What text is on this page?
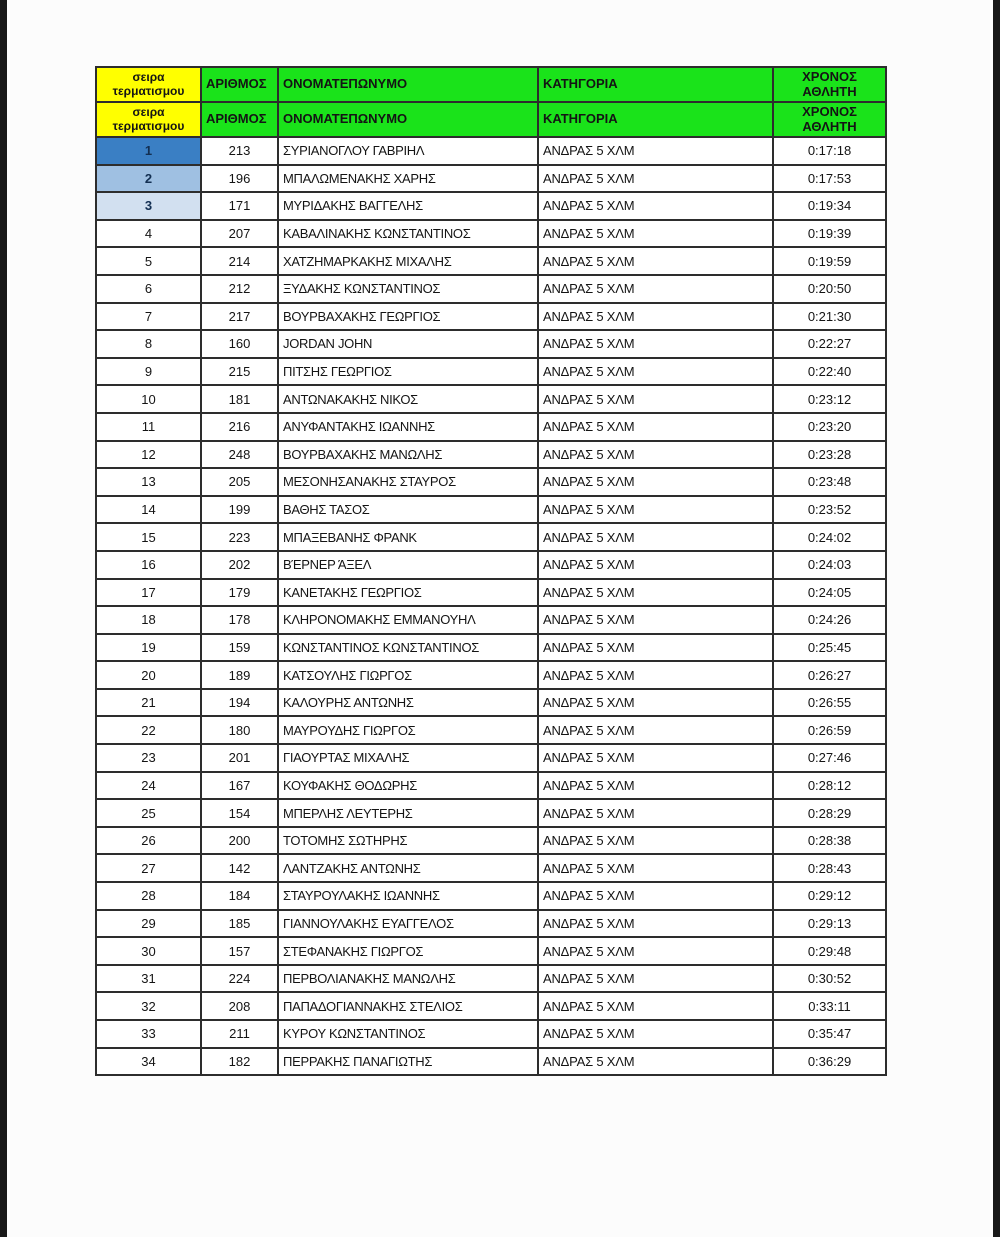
σειρα τερματισμου	ΑΡΙΘΜΟΣ	ΟΝΟΜΑΤΕΠΩΝΥΜΟ	ΚΑΤΗΓΟΡΙΑ	ΧΡΟΝΟΣ ΑΘΛΗΤΗ
σειρα τερματισμου	ΑΡΙΘΜΟΣ	ΟΝΟΜΑΤΕΠΩΝΥΜΟ	ΚΑΤΗΓΟΡΙΑ	ΧΡΟΝΟΣ ΑΘΛΗΤΗ
1	213	ΣΥΡΙΑΝΟΓΛΟΥ ΓΑΒΡΙΗΛ	ΑΝΔΡΑΣ 5 ΧΛΜ	0:17:18
2	196	ΜΠΑΛΩΜΕΝΑΚΗΣ ΧΑΡΗΣ	ΑΝΔΡΑΣ 5 ΧΛΜ	0:17:53
3	171	ΜΥΡΙΔΑΚΗΣ ΒΑΓΓΕΛΗΣ	ΑΝΔΡΑΣ 5 ΧΛΜ	0:19:34
4	207	ΚΑΒΑΛΙΝΑΚΗΣ ΚΩΝΣΤΑΝΤΙΝΟΣ	ΑΝΔΡΑΣ 5 ΧΛΜ	0:19:39
5	214	ΧΑΤΖΗΜΑΡΚΑΚΗΣ ΜΙΧΑΛΗΣ	ΑΝΔΡΑΣ 5 ΧΛΜ	0:19:59
6	212	ΞΥΔΑΚΗΣ ΚΩΝΣΤΑΝΤΙΝΟΣ	ΑΝΔΡΑΣ 5 ΧΛΜ	0:20:50
7	217	ΒΟΥΡΒΑΧΑΚΗΣ ΓΕΩΡΓΙΟΣ	ΑΝΔΡΑΣ 5 ΧΛΜ	0:21:30
8	160	JORDAN JOHN	ΑΝΔΡΑΣ 5 ΧΛΜ	0:22:27
9	215	ΠΙΤΣΗΣ ΓΕΩΡΓΙΟΣ	ΑΝΔΡΑΣ 5 ΧΛΜ	0:22:40
10	181	ΑΝΤΩΝΑΚΑΚΗΣ ΝΙΚΟΣ	ΑΝΔΡΑΣ 5 ΧΛΜ	0:23:12
11	216	ΑΝΥΦΑΝΤΑΚΗΣ ΙΩΑΝΝΗΣ	ΑΝΔΡΑΣ 5 ΧΛΜ	0:23:20
12	248	ΒΟΥΡΒΑΧΑΚΗΣ ΜΑΝΩΛΗΣ	ΑΝΔΡΑΣ 5 ΧΛΜ	0:23:28
13	205	ΜΕΣΟΝΗΣΑΝΑΚΗΣ ΣΤΑΥΡΟΣ	ΑΝΔΡΑΣ 5 ΧΛΜ	0:23:48
14	199	ΒΑΘΗΣ ΤΑΣΟΣ	ΑΝΔΡΑΣ 5 ΧΛΜ	0:23:52
15	223	ΜΠΑΞΕΒΑΝΗΣ ΦΡΑΝΚ	ΑΝΔΡΑΣ 5 ΧΛΜ	0:24:02
16	202	ΒΈΡΝΕΡ ΆΞΕΛ	ΑΝΔΡΑΣ 5 ΧΛΜ	0:24:03
17	179	ΚΑΝΕΤΑΚΗΣ ΓΕΩΡΓΙΟΣ	ΑΝΔΡΑΣ 5 ΧΛΜ	0:24:05
18	178	ΚΛΗΡΟΝΟΜΑΚΗΣ ΕΜΜΑΝΟΥΗΛ	ΑΝΔΡΑΣ 5 ΧΛΜ	0:24:26
19	159	ΚΩΝΣΤΑΝΤΙΝΟΣ ΚΩΝΣΤΑΝΤΙΝΟΣ	ΑΝΔΡΑΣ 5 ΧΛΜ	0:25:45
20	189	ΚΑΤΣΟΥΛΗΣ ΓΙΩΡΓΟΣ	ΑΝΔΡΑΣ 5 ΧΛΜ	0:26:27
21	194	ΚΑΛΟΥΡΗΣ ΑΝΤΩΝΗΣ	ΑΝΔΡΑΣ 5 ΧΛΜ	0:26:55
22	180	ΜΑΥΡΟΥΔΗΣ ΓΙΩΡΓΟΣ	ΑΝΔΡΑΣ 5 ΧΛΜ	0:26:59
23	201	ΓΙΑΟΥΡΤΑΣ ΜΙΧΑΛΗΣ	ΑΝΔΡΑΣ 5 ΧΛΜ	0:27:46
24	167	ΚΟΥΦΑΚΗΣ ΘΟΔΩΡΗΣ	ΑΝΔΡΑΣ 5 ΧΛΜ	0:28:12
25	154	ΜΠΕΡΛΗΣ ΛΕΥΤΕΡΗΣ	ΑΝΔΡΑΣ 5 ΧΛΜ	0:28:29
26	200	ΤΟΤΟΜΗΣ ΣΩΤΗΡΗΣ	ΑΝΔΡΑΣ 5 ΧΛΜ	0:28:38
27	142	ΛΑΝΤΖΑΚΗΣ ΑΝΤΩΝΗΣ	ΑΝΔΡΑΣ 5 ΧΛΜ	0:28:43
28	184	ΣΤΑΥΡΟΥΛΑΚΗΣ ΙΩΑΝΝΗΣ	ΑΝΔΡΑΣ 5 ΧΛΜ	0:29:12
29	185	ΓΙΑΝΝΟΥΛΑΚΗΣ ΕΥΑΓΓΕΛΟΣ	ΑΝΔΡΑΣ 5 ΧΛΜ	0:29:13
30	157	ΣΤΕΦΑΝΑΚΗΣ ΓΙΩΡΓΟΣ	ΑΝΔΡΑΣ 5 ΧΛΜ	0:29:48
31	224	ΠΕΡΒΟΛΙΑΝΑΚΗΣ ΜΑΝΩΛΗΣ	ΑΝΔΡΑΣ 5 ΧΛΜ	0:30:52
32	208	ΠΑΠΑΔΟΓΙΑΝΝΑΚΗΣ ΣΤΕΛΙΟΣ	ΑΝΔΡΑΣ 5 ΧΛΜ	0:33:11
33	211	ΚΥΡΟΥ ΚΩΝΣΤΑΝΤΙΝΟΣ	ΑΝΔΡΑΣ 5 ΧΛΜ	0:35:47
34	182	ΠΕΡΡΑΚΗΣ ΠΑΝΑΓΙΩΤΗΣ	ΑΝΔΡΑΣ 5 ΧΛΜ	0:36:29
